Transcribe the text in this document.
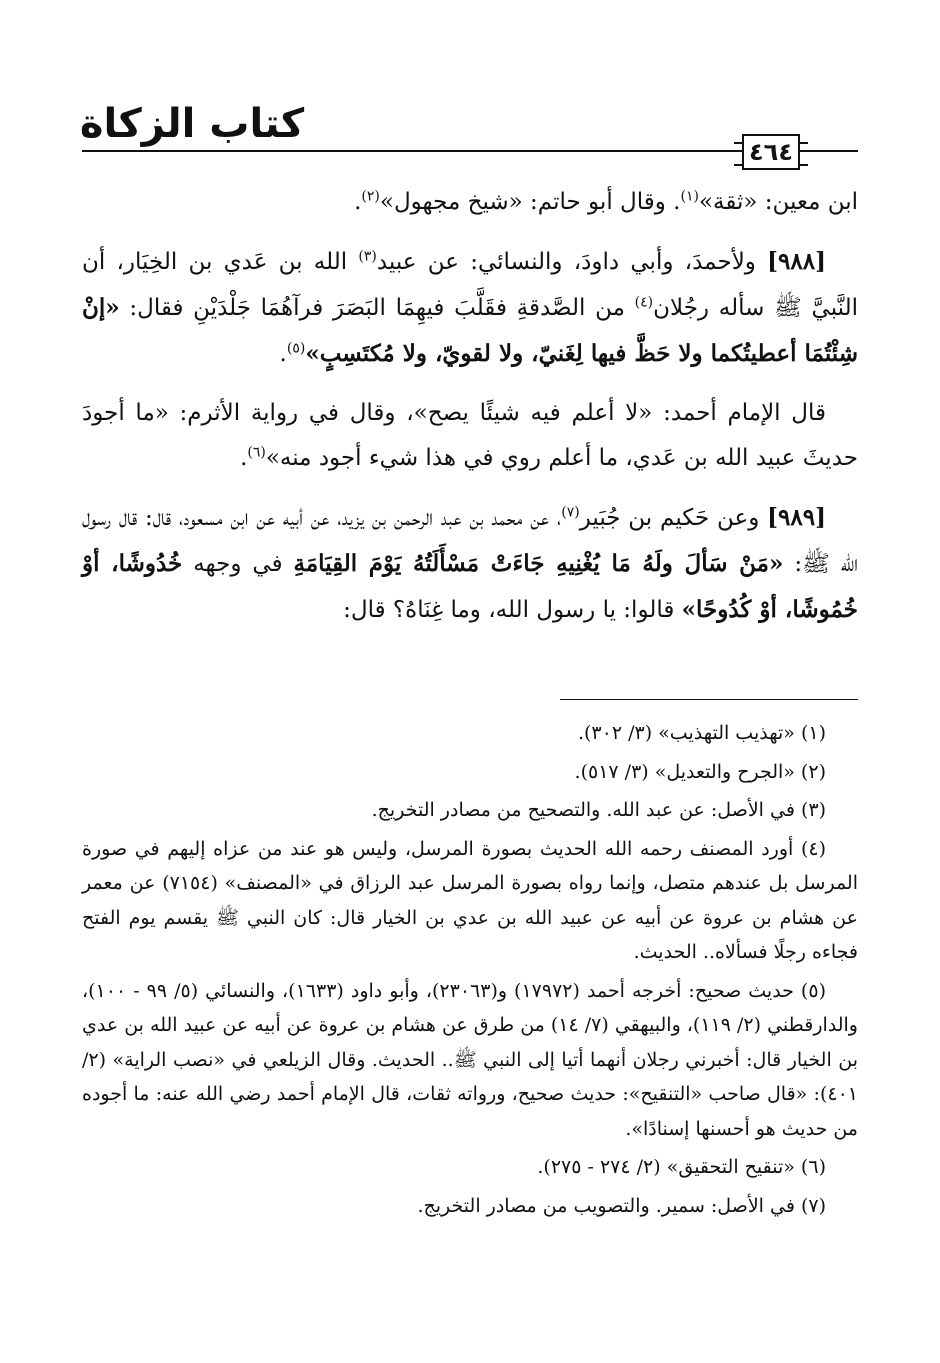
كتاب الزكاة
٤٦٤

ابن معين: «ثقة»$^{(١)}$. وقال أبو حاتم: «شيخ مجهول»$^{(٢)}$.

[٩٨٨] ولأحمدَ، وأبي داودَ، والنسائي: عن عبيد$^{(٣)}$ الله بن عَدي بن الخِيَار، أن النَّبيَّ ﷺ سأله رجُلان$^{(٤)}$ من الصَّدقةِ فقَلَّبَ فيهِمَا البَصَرَ فرآهُمَا جَلْدَيْنِ فقال: «إنْ شِئْتُمَا أعطيتُكما ولا حَظَّ فيها لِغَنيّ، ولا لقويّ، ولا مُكتَسِبٍ»$^{(٥)}$.

قال الإمام أحمد: «لا أعلم فيه شيئًا يصح»، وقال في رواية الأثرم: «ما أجودَ حديثَ عبيد الله بن عَدي، ما أعلم روي في هذا شيء أجود منه»$^{(٦)}$.

[٩٨٩] وعن حَكيم بن جُبَير$^{(٧)}$، عن محمد بن عبد الرحمن بن يزيد، عن أبيه عن ابن مسعود، قال: قال رسول الله ﷺ: «مَنْ سَألَ ولَهُ مَا يُغْنِيهِ جَاءَتْ مَسْأَلَتُهُ يَوْمَ القِيَامَةِ في وجهه خُدُوشًا، أوْ خُمُوشًا، أوْ كُدُوحًا» قالوا: يا رسول الله، وما غِنَاهُ؟ قال:

(١) «تهذيب التهذيب» (٣/ ٣٠٢).

(٢) «الجرح والتعديل» (٣/ ٥١٧).

(٣) في الأصل: عن عبد الله. والتصحيح من مصادر التخريج.

(٤) أورد المصنف رحمه الله الحديث بصورة المرسل، وليس هو عند من عزاه إليهم في صورة المرسل بل عندهم متصل، وإنما رواه بصورة المرسل عبد الرزاق في «المصنف» (٧١٥٤) عن معمر عن هشام بن عروة عن أبيه عن عبيد الله بن عدي بن الخيار قال: كان النبي ﷺ يقسم يوم الفتح فجاءه رجلًا فسألاه.. الحديث.

(٥) حديث صحيح: أخرجه أحمد (١٧٩٧٢) و(٢٣٠٦٣)، وأبو داود (١٦٣٣)، والنسائي (٥/ ٩٩ - ١٠٠)، والدارقطني (٢/ ١١٩)، والبيهقي (٧/ ١٤) من طرق عن هشام بن عروة عن أبيه عن عبيد الله بن عدي بن الخيار قال: أخبرني رجلان أنهما أتيا إلى النبي ﷺ.. الحديث. وقال الزيلعي في «نصب الراية» (٢/ ٤٠١): «قال صاحب «التنقيح»: حديث صحيح، ورواته ثقات، قال الإمام أحمد رضي الله عنه: ما أجوده من حديث هو أحسنها إسنادًا».

(٦) «تنقيح التحقيق» (٢/ ٢٧٤ - ٢٧٥).

(٧) في الأصل: سمير. والتصويب من مصادر التخريج.
